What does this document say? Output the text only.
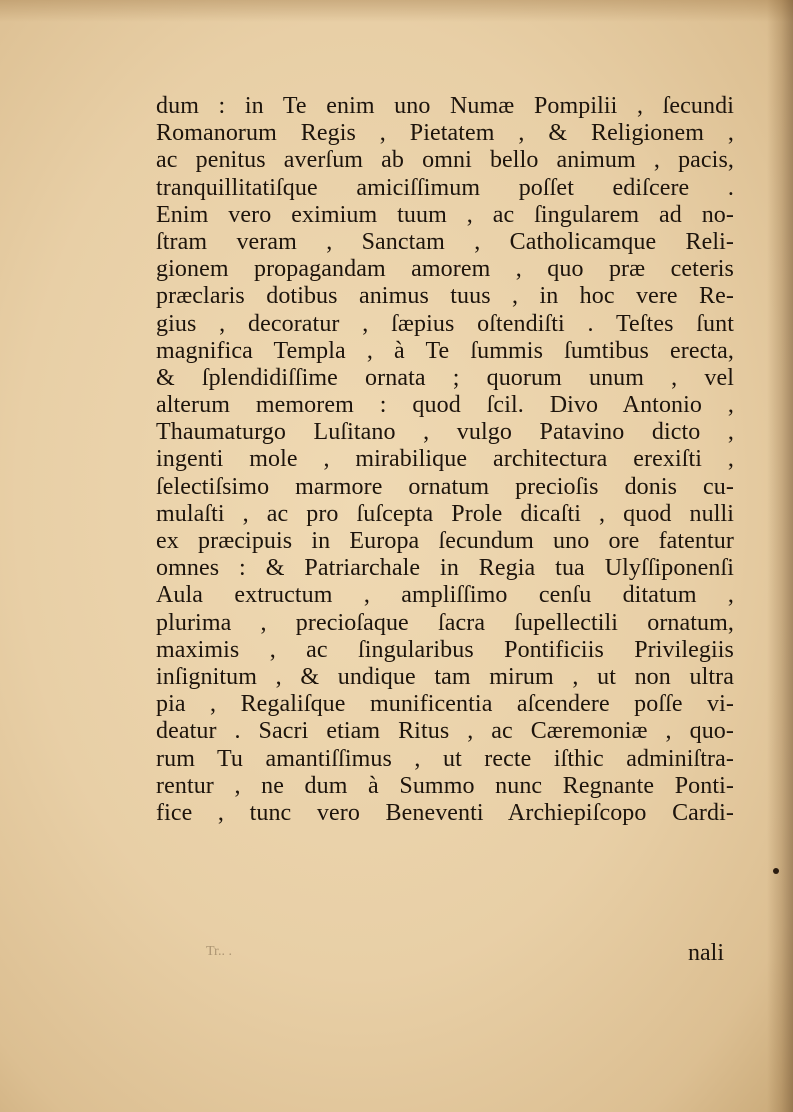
dum : in Te enim uno Numæ Pompilii , ſecundi
Romanorum Regis , Pietatem , & Religionem ,
ac penitus averſum ab omni bello animum , pacis,
tranquillitatiſque amiciſſimum poſſet ediſcere .
Enim vero eximium tuum , ac ſingularem ad no-
ſtram veram , Sanctam , Catholicamque Reli-
gionem propagandam amorem , quo præ ceteris
præclaris dotibus animus tuus , in hoc vere Re-
gius , decoratur , ſæpius oſtendiſti . Teſtes ſunt
magnifica Templa , à Te ſummis ſumtibus erecta,
& ſplendidiſſime ornata ; quorum unum , vel
alterum memorem : quod ſcil. Divo Antonio ,
Thaumaturgo Luſitano , vulgo Patavino dicto ,
ingenti mole , mirabilique architectura erexiſti ,
ſelectiſsimo marmore ornatum precioſis donis cu-
mulaſti , ac pro ſuſcepta Prole dicaſti , quod nulli
ex præcipuis in Europa ſecundum uno ore fatentur
omnes : & Patriarchale in Regia tua Ulyſſiponenſi
Aula extructum , ampliſſimo cenſu ditatum ,
plurima , precioſaque ſacra ſupellectili ornatum,
maximis , ac ſingularibus Pontificiis Privilegiis
inſignitum , & undique tam mirum , ut non ultra
pia , Regaliſque munificentia aſcendere poſſe vi-
deatur . Sacri etiam Ritus , ac Cæremoniæ , quo-
rum Tu amantiſſimus , ut recte iſthic adminiſtra-
rentur , ne dum à Summo nunc Regnante Ponti-
fice , tunc vero Beneventi Archiepiſcopo Cardi-
Tr.. .	nali
